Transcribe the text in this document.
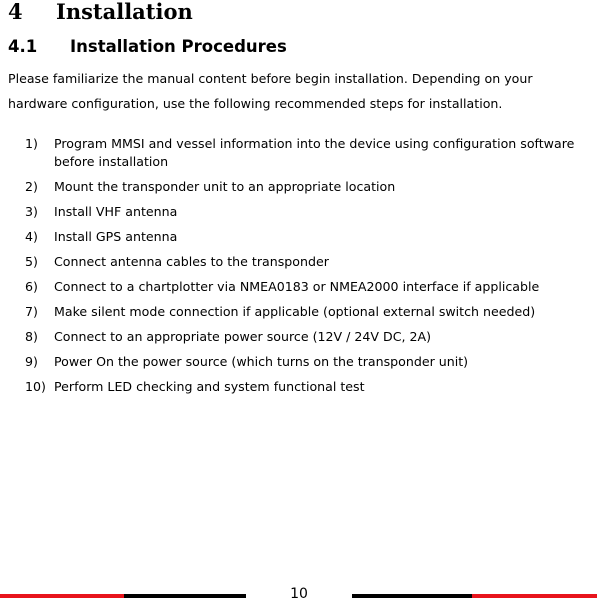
4 Installation
4.1 Installation Procedures

Please familiarize the manual content before begin installation. Depending on your hardware configuration, use the following recommended steps for installation.

1) Program MMSI and vessel information into the device using configuration software before installation
2) Mount the transponder unit to an appropriate location
3) Install VHF antenna
4) Install GPS antenna
5) Connect antenna cables to the transponder
6) Connect to a chartplotter via NMEA0183 or NMEA2000 interface if applicable
7) Make silent mode connection if applicable (optional external switch needed)
8) Connect to an appropriate power source (12V / 24V DC, 2A)
9) Power On the power source (which turns on the transponder unit)
10) Perform LED checking and system functional test
10
